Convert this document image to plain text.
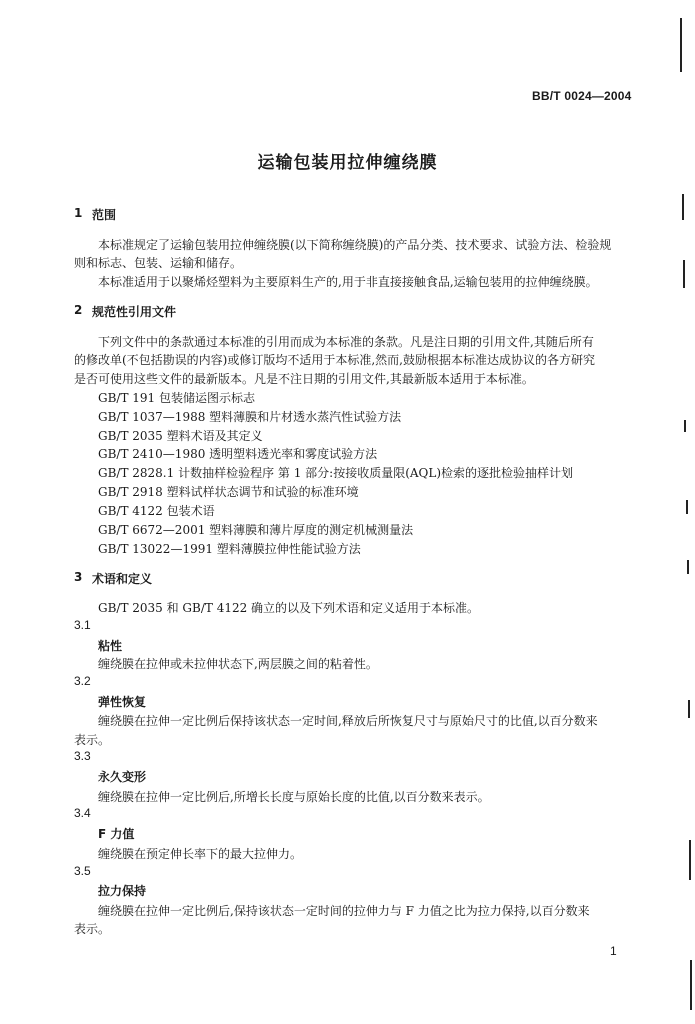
BB/T 0024—2004
运输包装用拉伸缠绕膜
1 范围
本标准规定了运输包装用拉伸缠绕膜(以下简称缠绕膜)的产品分类、技术要求、试验方法、检验规
则和标志、包装、运输和储存。
本标准适用于以聚烯烃塑料为主要原料生产的,用于非直接接触食品,运输包装用的拉伸缠绕膜。
2 规范性引用文件
下列文件中的条款通过本标准的引用而成为本标准的条款。凡是注日期的引用文件,其随后所有
的修改单(不包括勘误的内容)或修订版均不适用于本标准,然而,鼓励根据本标准达成协议的各方研究
是否可使用这些文件的最新版本。凡是不注日期的引用文件,其最新版本适用于本标准。
GB/T 191 包装储运图示标志
GB/T 1037—1988 塑料薄膜和片材透水蒸汽性试验方法
GB/T 2035 塑料术语及其定义
GB/T 2410—1980 透明塑料透光率和雾度试验方法
GB/T 2828.1 计数抽样检验程序 第 1 部分:按接收质量限(AQL)检索的逐批检验抽样计划
GB/T 2918 塑料试样状态调节和试验的标准环境
GB/T 4122 包装术语
GB/T 6672—2001 塑料薄膜和薄片厚度的测定机械测量法
GB/T 13022—1991 塑料薄膜拉伸性能试验方法
3 术语和定义
GB/T 2035 和 GB/T 4122 确立的以及下列术语和定义适用于本标准。
3.1
粘性
缠绕膜在拉伸或未拉伸状态下,两层膜之间的粘着性。
3.2
弹性恢复
缠绕膜在拉伸一定比例后保持该状态一定时间,释放后所恢复尺寸与原始尺寸的比值,以百分数来
表示。
3.3
永久变形
缠绕膜在拉伸一定比例后,所增长长度与原始长度的比值,以百分数来表示。
3.4
F 力值
缠绕膜在预定伸长率下的最大拉伸力。
3.5
拉力保持
缠绕膜在拉伸一定比例后,保持该状态一定时间的拉伸力与 F 力值之比为拉力保持,以百分数来
表示。
1
